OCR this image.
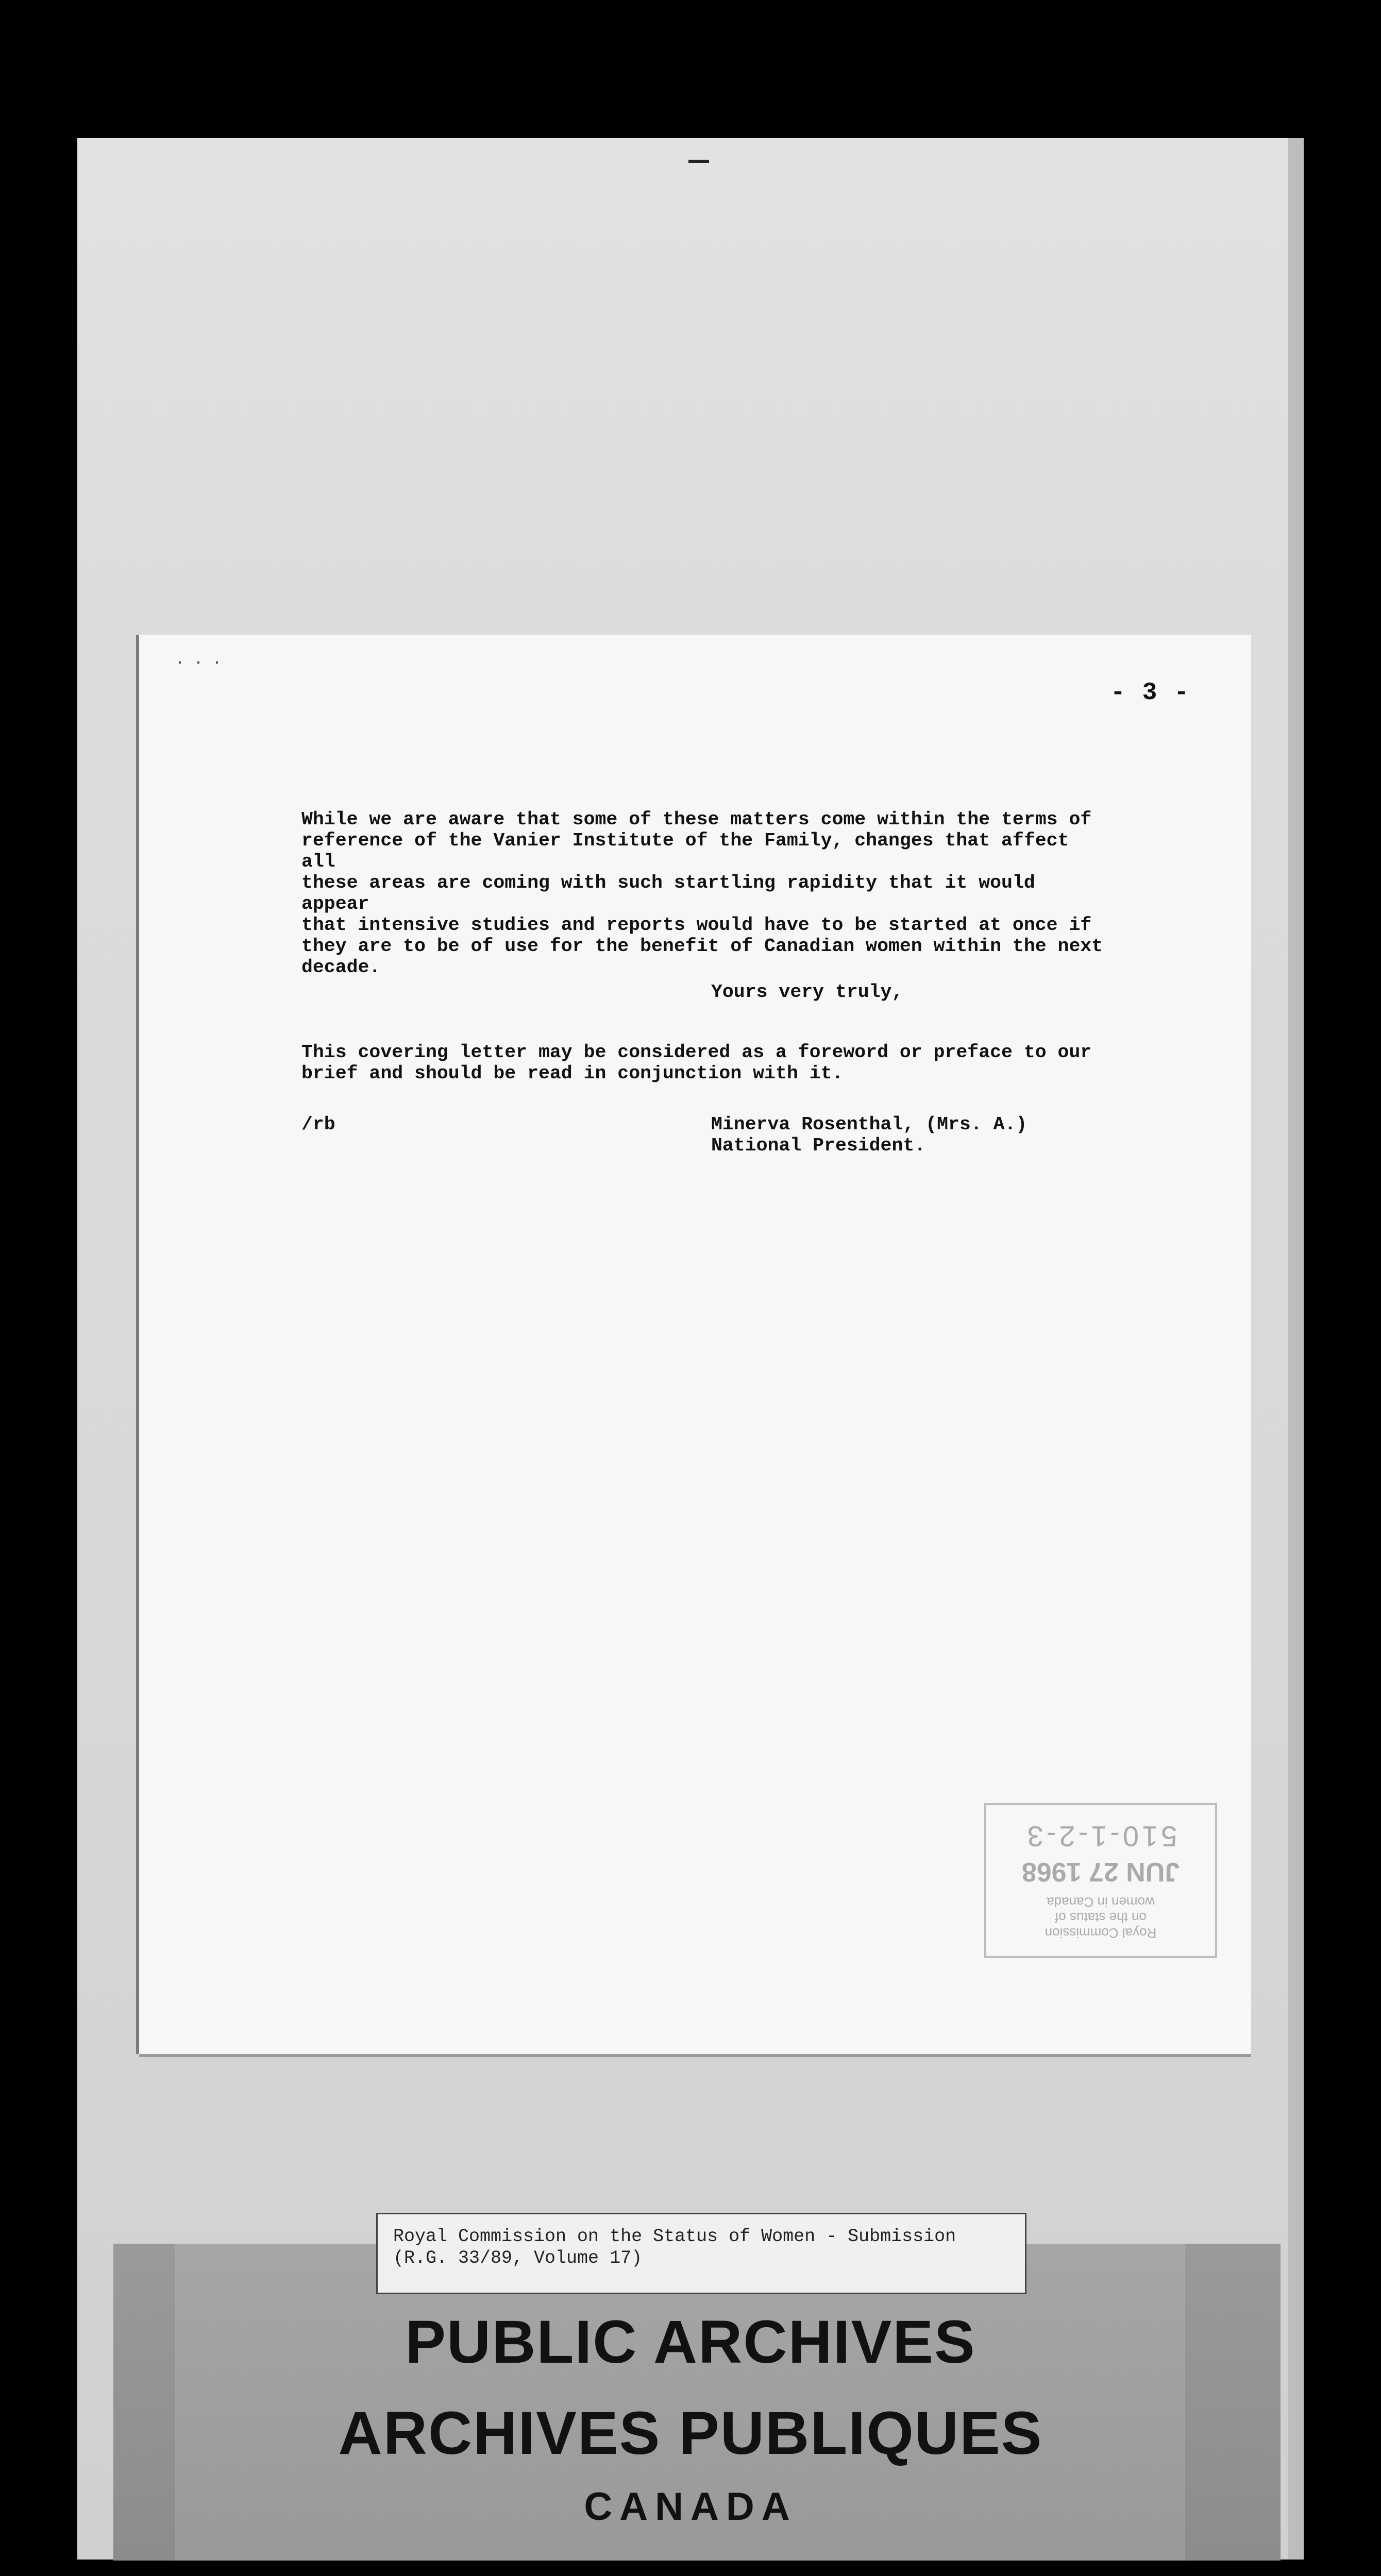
· · ·
- 3 -

While we are aware that some of these matters come within the terms of
reference of the Vanier Institute of the Family, changes that affect all
these areas are coming with such startling rapidity that it would appear
that intensive studies and reports would have to be started at once if
they are to be of use for the benefit of Canadian women within the next
decade.

This covering letter may be considered as a foreword or preface to our
brief and should be read in conjunction with it.

Yours very truly,
/rb	Minerva Rosenthal, (Mrs. A.)
National President.
Royal Commission
on the status of
women in Canada
JUN 27 1968
510-1-2-3
Royal Commission on the Status of Women - Submission
(R.G. 33/89, Volume 17)
PUBLIC ARCHIVES
ARCHIVES PUBLIQUES
CANADA
